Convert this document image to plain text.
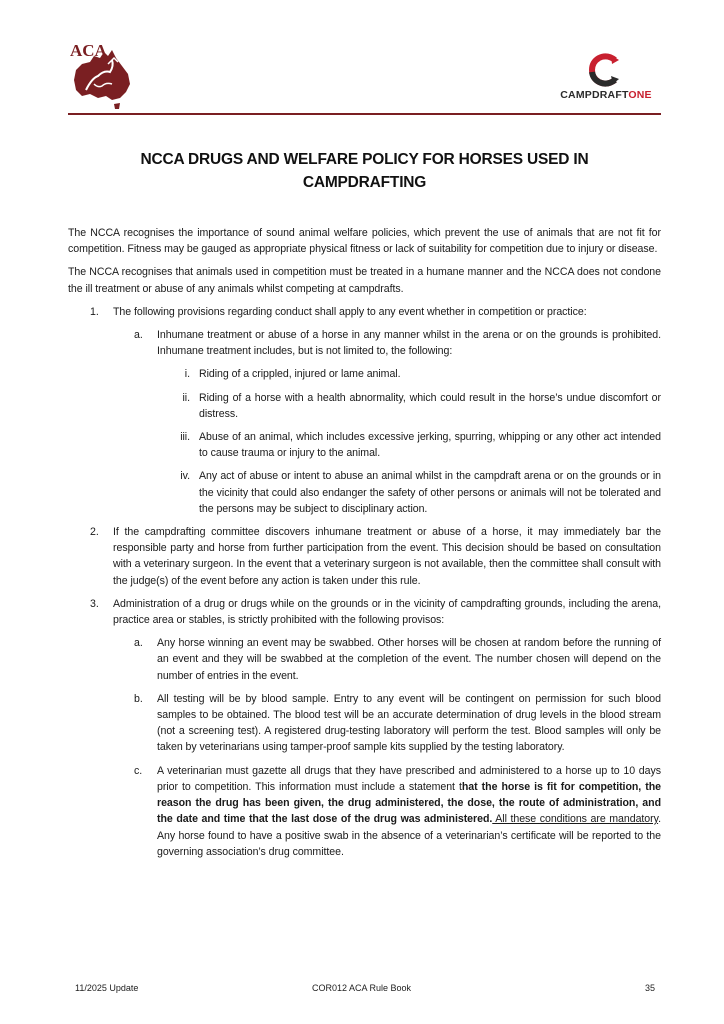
ACA
CAMPDRAFTONE
NCCA DRUGS AND WELFARE POLICY FOR HORSES USED IN
CAMPDRAFTING

The NCCA recognises the importance of sound animal welfare policies, which prevent the use of animals that are not fit for competition. Fitness may be gauged as appropriate physical fitness or lack of suitability for competition due to injury or disease.

The NCCA recognises that animals used in competition must be treated in a humane manner and the NCCA does not condone the ill treatment or abuse of any animals whilst competing at campdrafts.

1. The following provisions regarding conduct shall apply to any event whether in competition or practice:
a. Inhumane treatment or abuse of a horse in any manner whilst in the arena or on the grounds is prohibited. Inhumane treatment includes, but is not limited to, the following:
i. Riding of a crippled, injured or lame animal.
ii. Riding of a horse with a health abnormality, which could result in the horse’s undue discomfort or distress.
iii. Abuse of an animal, which includes excessive jerking, spurring, whipping or any other act intended to cause trauma or injury to the animal.
iv. Any act of abuse or intent to abuse an animal whilst in the campdraft arena or on the grounds or in the vicinity that could also endanger the safety of other persons or animals will not be tolerated and the persons may be subject to disciplinary action.
2. If the campdrafting committee discovers inhumane treatment or abuse of a horse, it may immediately bar the responsible party and horse from further participation from the event. This decision should be based on consultation with a veterinary surgeon. In the event that a veterinary surgeon is not available, then the committee shall consult with the judge(s) of the event before any action is taken under this rule.
3. Administration of a drug or drugs while on the grounds or in the vicinity of campdrafting grounds, including the arena, practice area or stables, is strictly prohibited with the following provisos:
a. Any horse winning an event may be swabbed. Other horses will be chosen at random before the running of an event and they will be swabbed at the completion of the event. The number chosen will depend on the number of entries in the event.
b. All testing will be by blood sample. Entry to any event will be contingent on permission for such blood samples to be obtained. The blood test will be an accurate determination of drug levels in the blood stream (not a screening test). A registered drug-testing laboratory will perform the test. Blood samples will only be taken by veterinarians using tamper-proof sample kits supplied by the testing laboratory.
c. A veterinarian must gazette all drugs that they have prescribed and administered to a horse up to 10 days prior to competition. This information must include a statement that the horse is fit for competition, the reason the drug has been given, the drug administered, the dose, the route of administration, and the date and time that the last dose of the drug was administered. All these conditions are mandatory. Any horse found to have a positive swab in the absence of a veterinarian’s certificate will be reported to the governing association’s drug committee.
11/2025 Update	COR012 ACA Rule Book	35
